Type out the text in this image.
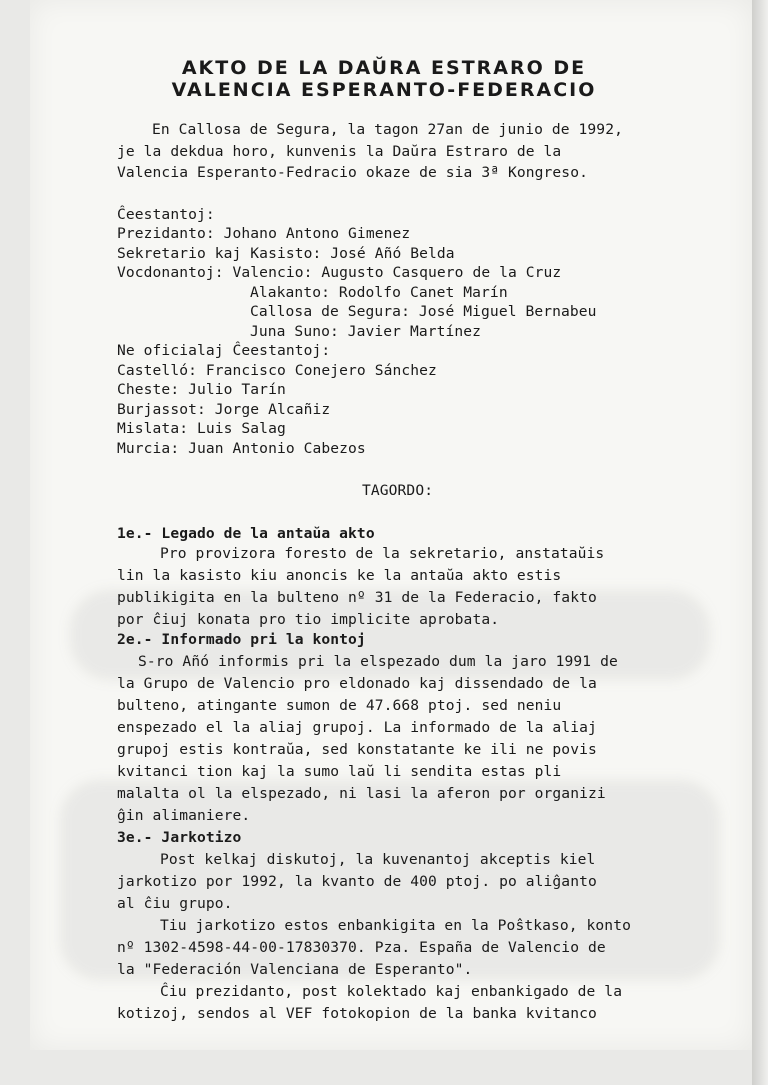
AKTO DE LA DAŬRA ESTRARO DE
VALENCIA ESPERANTO-FEDERACIO
En Callosa de Segura, la tagon 27an de junio de 1992,
je la dekdua horo, kunvenis la Daŭra Estraro de la
Valencia Esperanto-Fedracio okaze de sia 3ª Kongreso.
Ĉeestantoj:
Prezidanto: Johano Antono Gimenez
Sekretario kaj Kasisto: José Añó Belda
Vocdonantoj: Valencio: Augusto Casquero de la Cruz
Alakanto: Rodolfo Canet Marín
Callosa de Segura: José Miguel Bernabeu
Juna Suno: Javier Martínez
Ne oficialaj Ĉeestantoj:
Castelló: Francisco Conejero Sánchez
Cheste: Julio Tarín
Burjassot: Jorge Alcañiz
Mislata: Luis Salag
Murcia: Juan Antonio Cabezos
TAGORDO:
1e.- Legado de la antaŭa akto
Pro provizora foresto de la sekretario, anstataŭis
lin la kasisto kiu anoncis ke la antaŭa akto estis
publikigita en la bulteno nº 31 de la Federacio, fakto
por ĉiuj konata pro tio implicite aprobata.
2e.- Informado pri la kontoj
S-ro Añó informis pri la elspezado dum la jaro 1991 de
la Grupo de Valencio pro eldonado kaj dissendado de la
bulteno, atingante sumon de 47.668 ptoj. sed neniu
enspezado el la aliaj grupoj. La informado de la aliaj
grupoj estis kontraŭa, sed konstatante ke ili ne povis
kvitanci tion kaj la sumo laŭ li sendita estas pli
malalta ol la elspezado, ni lasi la aferon por organizi
ĝin alimaniere.
3e.- Jarkotizo
Post kelkaj diskutoj, la kuvenantoj akceptis kiel
jarkotizo por 1992, la kvanto de 400 ptoj. po aliĝanto
al ĉiu grupo.
Tiu jarkotizo estos enbankigita en la Poŝtkaso, konto
nº 1302-4598-44-00-17830370. Pza. España de Valencio de
la "Federación Valenciana de Esperanto".
Ĉiu prezidanto, post kolektado kaj enbankigado de la
kotizoj, sendos al VEF fotokopion de la banka kvitanco
